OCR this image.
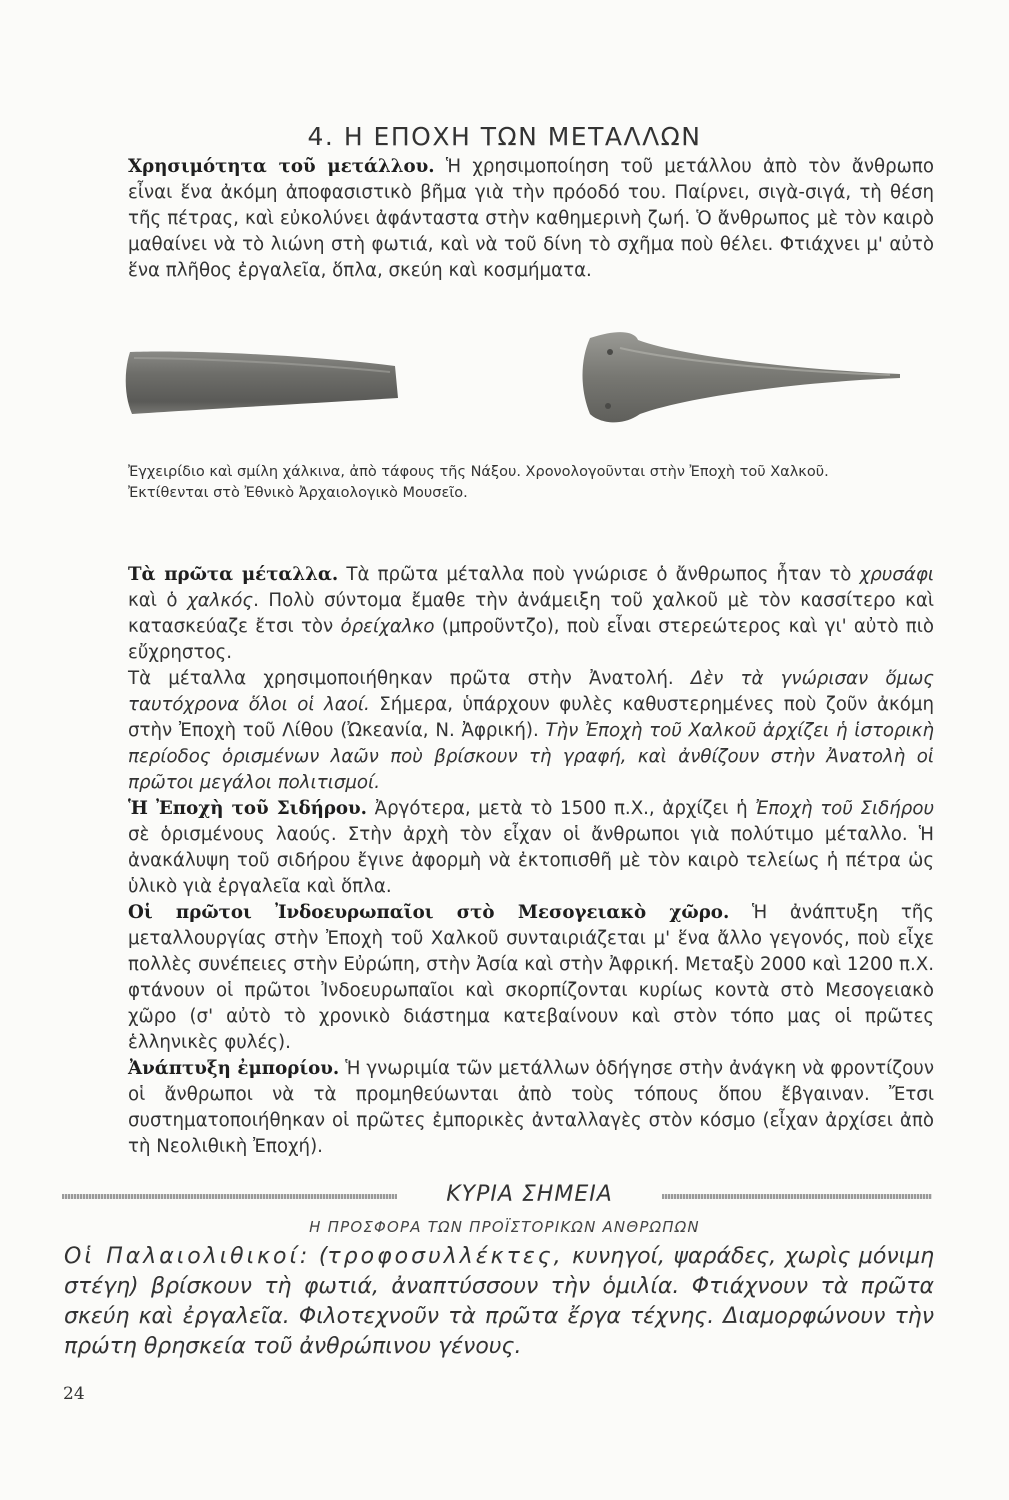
4. Η ΕΠΟΧΗ ΤΩΝ ΜΕΤΑΛΛΩΝ

Χρησιμότητα τοῦ μετάλλου. Ἡ χρησιμοποίηση τοῦ μετάλλου ἀπὸ τὸν ἄνθρωπο εἶναι ἕνα ἀκόμη ἀποφασιστικὸ βῆμα γιὰ τὴν πρόοδό του. Παίρνει, σιγὰ-σιγά, τὴ θέση τῆς πέτρας, καὶ εὐκολύνει ἀφάνταστα στὴν καθημερινὴ ζωή. Ὁ ἄνθρωπος μὲ τὸν καιρὸ μαθαίνει νὰ τὸ λιώνη στὴ φωτιά, καὶ νὰ τοῦ δίνη τὸ σχῆμα ποὺ θέλει. Φτιάχνει μ' αὐτὸ ἕνα πλῆθος ἐργαλεῖα, ὅπλα, σκεύη καὶ κοσμήματα.

Ἐγχειρίδιο καὶ σμίλη χάλκινα, ἀπὸ τάφους τῆς Νάξου. Χρονολογοῦνται στὴν Ἐποχὴ τοῦ Χαλκοῦ.
Ἐκτίθενται στὸ Ἐθνικὸ Ἀρχαιολογικὸ Μουσεῖο.

Τὰ πρῶτα μέταλλα. Τὰ πρῶτα μέταλλα ποὺ γνώρισε ὁ ἄνθρωπος ἦταν τὸ χρυσάφι καὶ ὁ χαλκός. Πολὺ σύντομα ἔμαθε τὴν ἀνάμειξη τοῦ χαλκοῦ μὲ τὸν κασσίτερο καὶ κατασκεύαζε ἔτσι τὸν ὀρείχαλκο (μπροῦντζο), ποὺ εἶναι στερεώτερος καὶ γι' αὐτὸ πιὸ εὔχρηστος.

Τὰ μέταλλα χρησιμοποιήθηκαν πρῶτα στὴν Ἀνατολή. Δὲν τὰ γνώρισαν ὅμως ταυτόχρονα ὅλοι οἱ λαοί. Σήμερα, ὑπάρχουν φυλὲς καθυστερημένες ποὺ ζοῦν ἀκόμη στὴν Ἐποχὴ τοῦ Λίθου (Ὠκεανία, Ν. Ἀφρική). Τὴν Ἐποχὴ τοῦ Χαλκοῦ ἀρχίζει ἡ ἱστορικὴ περίοδος ὁρισμένων λαῶν ποὺ βρίσκουν τὴ γραφή, καὶ ἀνθίζουν στὴν Ἀνατολὴ οἱ πρῶτοι μεγάλοι πολιτισμοί.

Ἡ Ἐποχὴ τοῦ Σιδήρου. Ἀργότερα, μετὰ τὸ 1500 π.Χ., ἀρχίζει ἡ Ἐποχὴ τοῦ Σιδήρου σὲ ὁρισμένους λαούς. Στὴν ἀρχὴ τὸν εἶχαν οἱ ἄνθρωποι γιὰ πολύτιμο μέταλλο. Ἡ ἀνακάλυψη τοῦ σιδήρου ἔγινε ἀφορμὴ νὰ ἐκτοπισθῆ μὲ τὸν καιρὸ τελείως ἡ πέτρα ὡς ὑλικὸ γιὰ ἐργαλεῖα καὶ ὅπλα.

Οἱ πρῶτοι Ἰνδοευρωπαῖοι στὸ Μεσογειακὸ χῶρο. Ἡ ἀνάπτυξη τῆς μεταλλουργίας στὴν Ἐποχὴ τοῦ Χαλκοῦ συνταιριάζεται μ' ἕνα ἄλλο γεγονός, ποὺ εἶχε πολλὲς συνέπειες στὴν Εὐρώπη, στὴν Ἀσία καὶ στὴν Ἀφρική. Μεταξὺ 2000 καὶ 1200 π.Χ. φτάνουν οἱ πρῶτοι Ἰνδοευρωπαῖοι καὶ σκορπίζονται κυρίως κοντὰ στὸ Μεσογειακὸ χῶρο (σ' αὐτὸ τὸ χρονικὸ διάστημα κατεβαίνουν καὶ στὸν τόπο μας οἱ πρῶτες ἑλληνικὲς φυλές).

Ἀνάπτυξη ἐμπορίου. Ἡ γνωριμία τῶν μετάλλων ὁδήγησε στὴν ἀνάγκη νὰ φροντίζουν οἱ ἄνθρωποι νὰ τὰ προμηθεύωνται ἀπὸ τοὺς τόπους ὅπου ἔβγαιναν. Ἔτσι συστηματοποιήθηκαν οἱ πρῶτες ἐμπορικὲς ἀνταλλαγὲς στὸν κόσμο (εἶχαν ἀρχίσει ἀπὸ τὴ Νεολιθικὴ Ἐποχή).

ΚΥΡΙΑ ΣΗΜΕΙΑ
Η ΠΡΟΣΦΟΡΑ ΤΩΝ ΠΡΟΪΣΤΟΡΙΚΩΝ ΑΝΘΡΩΠΩΝ

Οἱ Παλαιολιθικοί: (τροφοσυλλέκτες, κυνηγοί, ψαράδες, χωρὶς μόνιμη στέγη) βρίσκουν τὴ φωτιά, ἀναπτύσσουν τὴν ὁμιλία. Φτιάχνουν τὰ πρῶτα σκεύη καὶ ἐργαλεῖα. Φιλοτεχνοῦν τὰ πρῶτα ἔργα τέχνης. Διαμορφώνουν τὴν πρώτη θρησκεία τοῦ ἀνθρώπινου γένους.

24
